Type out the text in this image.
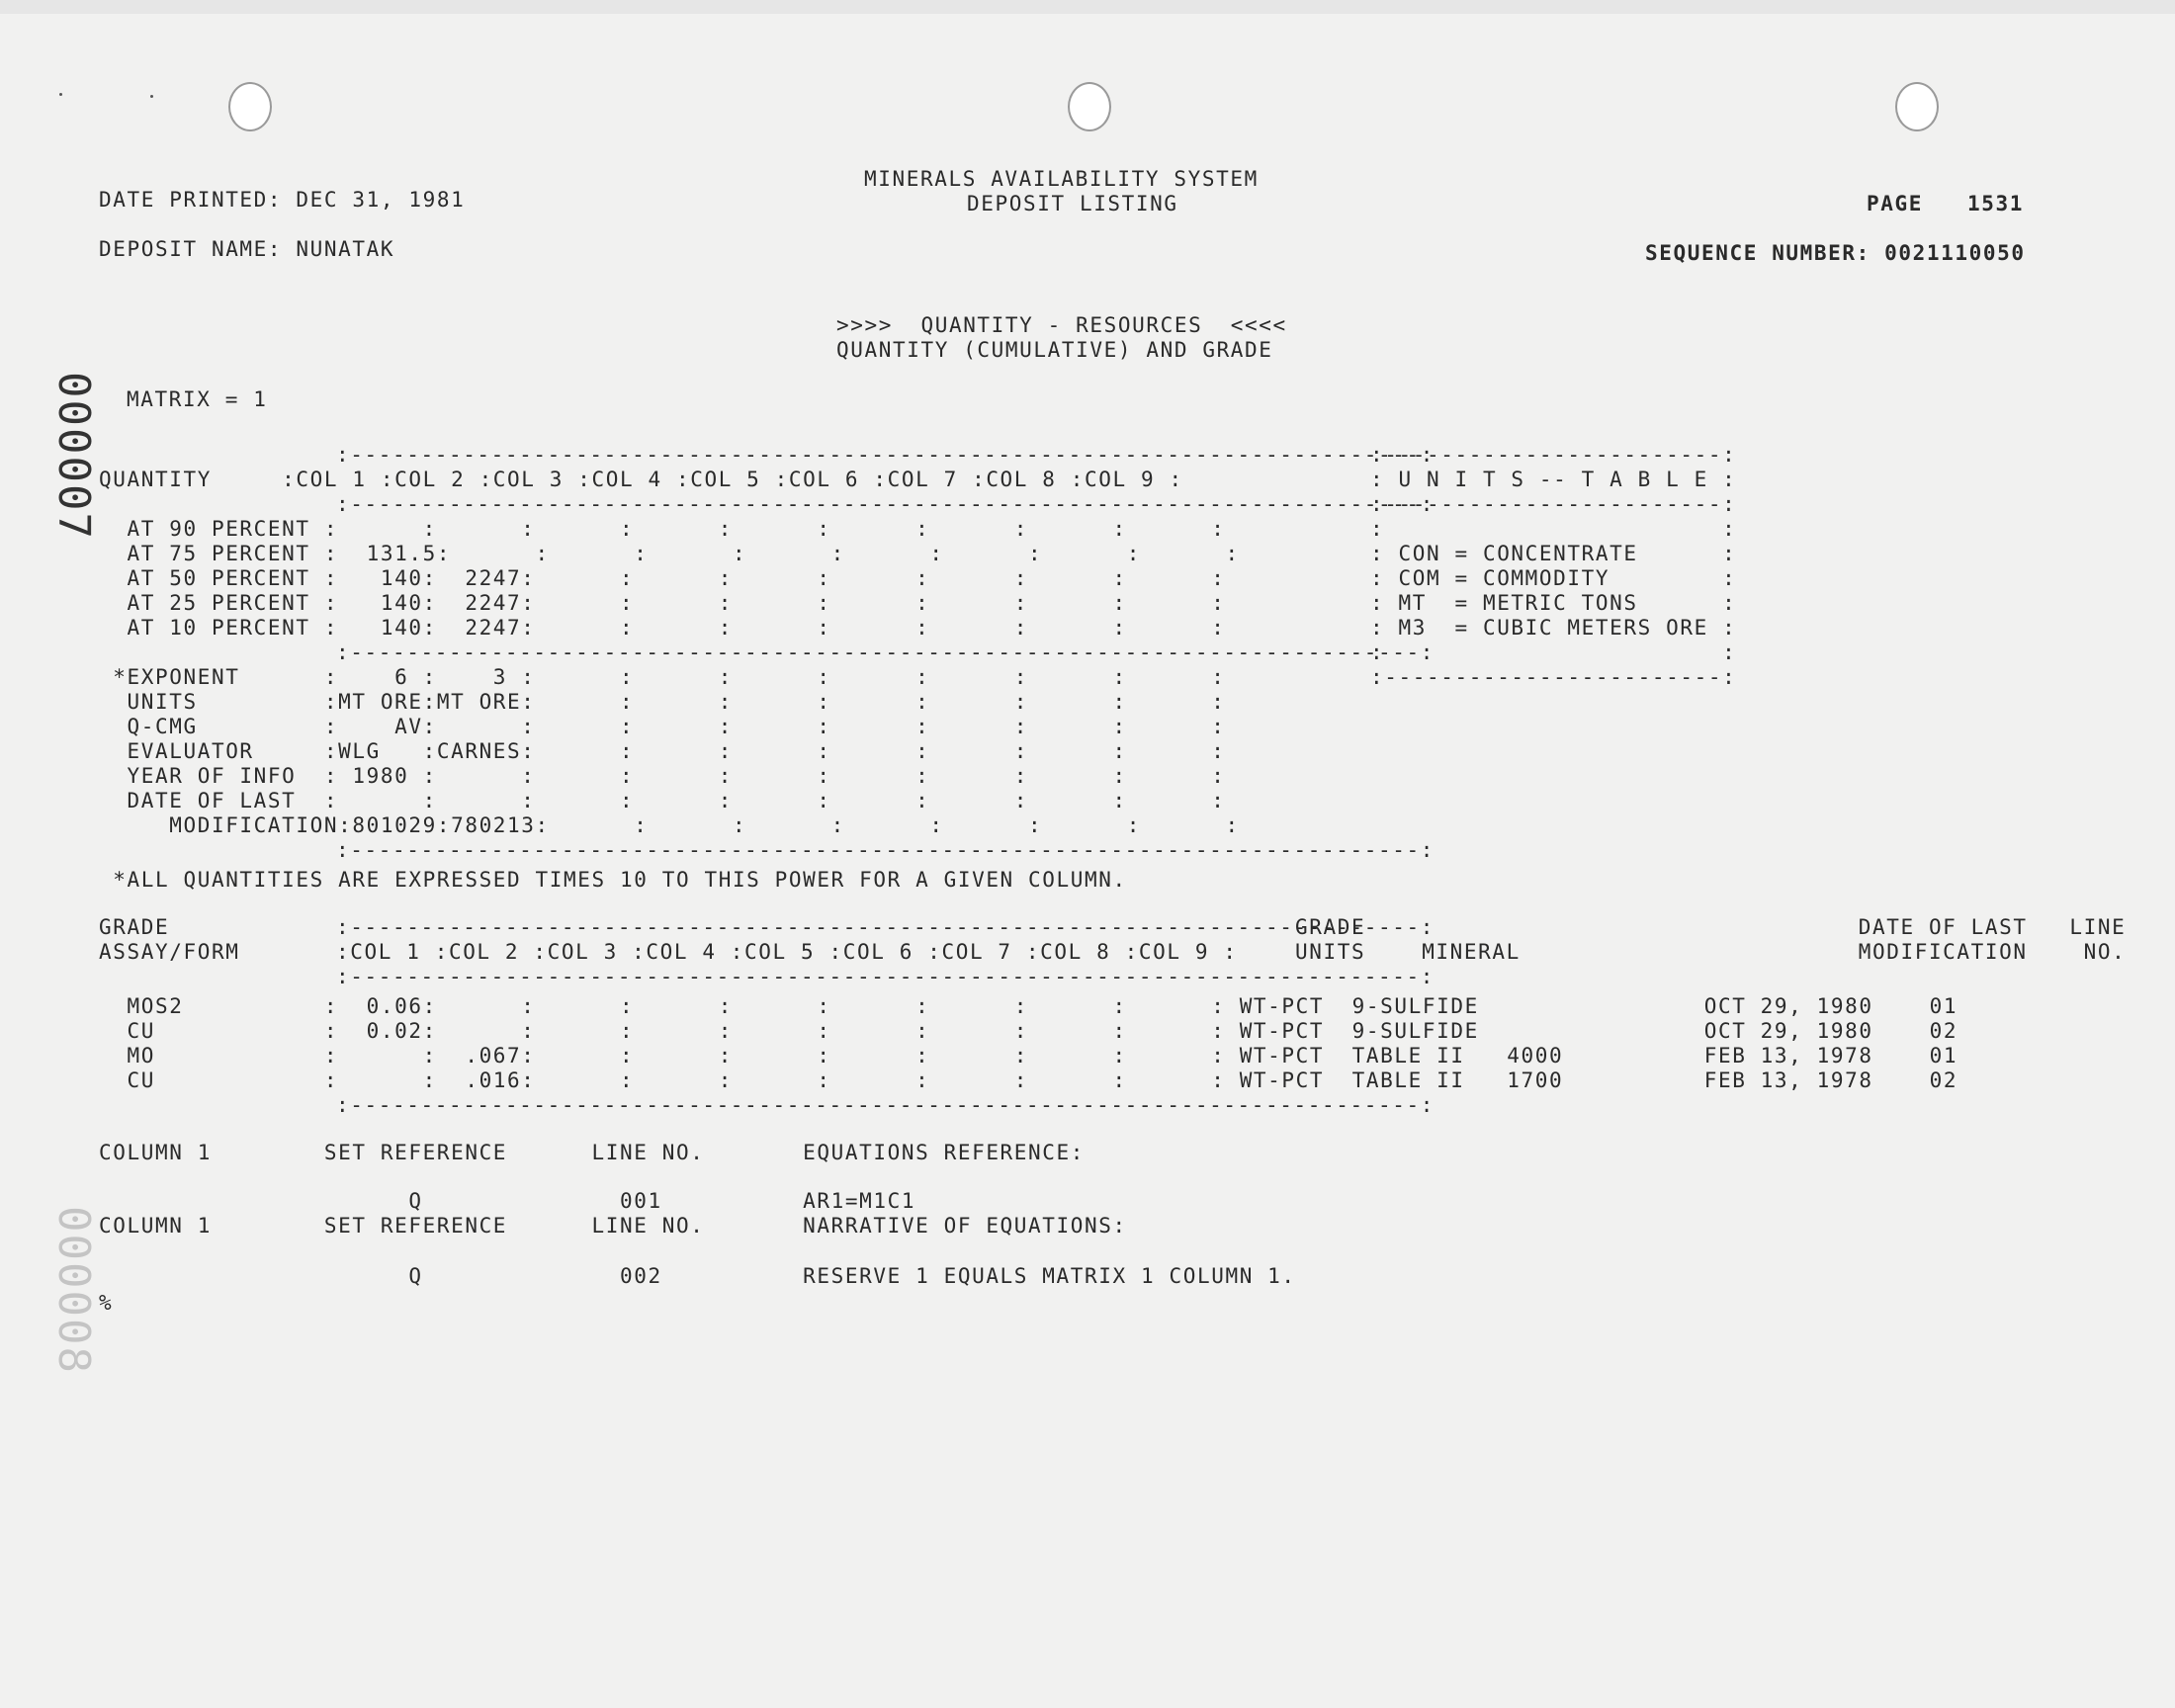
DATE PRINTED: DEC 31, 1981
MINERALS AVAILABILITY SYSTEM
DEPOSIT LISTING	PAGE 1531
DEPOSIT NAME: NUNATAK	SEQUENCE NUMBER: 0021110050
>>>>  QUANTITY - RESOURCES  <<<<
QUANTITY (CUMULATIVE) AND GRADE
MATRIX = 1
000007
000008
:----------------------------------------------------------------------------:
QUANTITY     :COL 1 :COL 2 :COL 3 :COL 4 :COL 5 :COL 6 :COL 7 :COL 8 :COL 9 :
:----------------------------------------------------------------------------:
AT 90 PERCENT :      :      :      :      :      :      :      :      :      :
AT 75 PERCENT :  131.5:      :      :      :      :      :      :      :      :
AT 50 PERCENT :   140:  2247:      :      :      :      :      :      :      :
AT 25 PERCENT :   140:  2247:      :      :      :      :      :      :      :
AT 10 PERCENT :   140:  2247:      :      :      :      :      :      :      :
:----------------------------------------------------------------------------:
*EXPONENT      :    6 :    3 :      :      :      :      :      :      :      :
UNITS         :MT ORE:MT ORE:      :      :      :      :      :      :      :
Q-CMG         :    AV:      :      :      :      :      :      :      :      :
EVALUATOR     :WLG   :CARNES:      :      :      :      :      :      :      :
YEAR OF INFO  : 1980 :      :      :      :      :      :      :      :      :
DATE OF LAST  :      :      :      :      :      :      :      :      :      :
MODIFICATION:801029:780213:      :      :      :      :      :      :      :
:----------------------------------------------------------------------------:
*ALL QUANTITIES ARE EXPRESSED TIMES 10 TO THIS POWER FOR A GIVEN COLUMN.
:------------------------:
: U N I T S -- T A B L E :
:------------------------:
:                        :
: CON = CONCENTRATE      :
: COM = COMMODITY        :
: MT  = METRIC TONS      :
: M3  = CUBIC METERS ORE :
:                        :
:------------------------:
GRADE
ASSAY/FORM
:----------------------------------------------------------------------------:
:COL 1 :COL 2 :COL 3 :COL 4 :COL 5 :COL 6 :COL 7 :COL 8 :COL 9 :
:----------------------------------------------------------------------------:
GRADE                                   DATE OF LAST   LINE
UNITS    MINERAL                        MODIFICATION    NO.
MOS2          :  0.06:      :      :      :      :      :      :      :      : WT-PCT  9-SULFIDE                OCT 29, 1980    01
CU            :  0.02:      :      :      :      :      :      :      :      : WT-PCT  9-SULFIDE                OCT 29, 1980    02
MO            :      :  .067:      :      :      :      :      :      :      : WT-PCT  TABLE II   4000          FEB 13, 1978    01
CU            :      :  .016:      :      :      :      :      :      :      : WT-PCT  TABLE II   1700          FEB 13, 1978    02
:----------------------------------------------------------------------------:
COLUMN 1        SET REFERENCE      LINE NO.       EQUATIONS REFERENCE:
Q              001          AR1=M1C1
COLUMN 1        SET REFERENCE      LINE NO.       NARRATIVE OF EQUATIONS:
Q              002          RESERVE 1 EQUALS MATRIX 1 COLUMN 1.
%
